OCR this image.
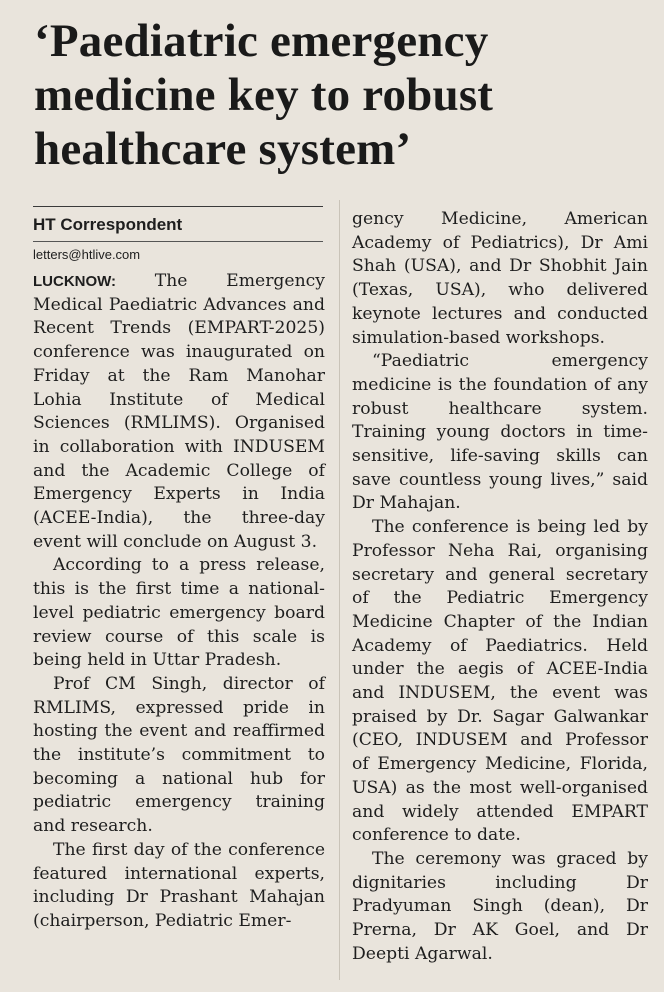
‘Paediatric emergency medicine key to robust healthcare system’
HT Correspondent
letters@htlive.com

LUCKNOW: The Emergency Medical Paediatric Advances and Recent Trends (EMPART-2025) conference was inaugurated on Friday at the Ram Manohar Lohia Institute of Medical Sciences (RMLIMS). Organised in collaboration with INDUSEM and the Academic College of Emergency Experts in India (ACEE-India), the three-day event will conclude on August 3.

According to a press release, this is the first time a national-level pediatric emergency board review course of this scale is being held in Uttar Pradesh.

Prof CM Singh, director of RMLIMS, expressed pride in hosting the event and reaffirmed the institute’s commitment to becoming a national hub for pediatric emergency training and research.

The first day of the conference featured international experts, including Dr Prashant Mahajan (chairperson, Pediatric Emer-

gency Medicine, American Academy of Pediatrics), Dr Ami Shah (USA), and Dr Shobhit Jain (Texas, USA), who delivered keynote lectures and conducted simulation-based workshops.

“Paediatric emergency medicine is the foundation of any robust healthcare system. Training young doctors in time-sensitive, life-saving skills can save countless young lives,” said Dr Mahajan.

The conference is being led by Professor Neha Rai, organising secretary and general secretary of the Pediatric Emergency Medicine Chapter of the Indian Academy of Paediatrics. Held under the aegis of ACEE-India and INDUSEM, the event was praised by Dr. Sagar Galwankar (CEO, INDUSEM and Professor of Emergency Medicine, Florida, USA) as the most well-organised and widely attended EMPART conference to date.

The ceremony was graced by dignitaries including Dr Pradyuman Singh (dean), Dr Prerna, Dr AK Goel, and Dr Deepti Agarwal.
